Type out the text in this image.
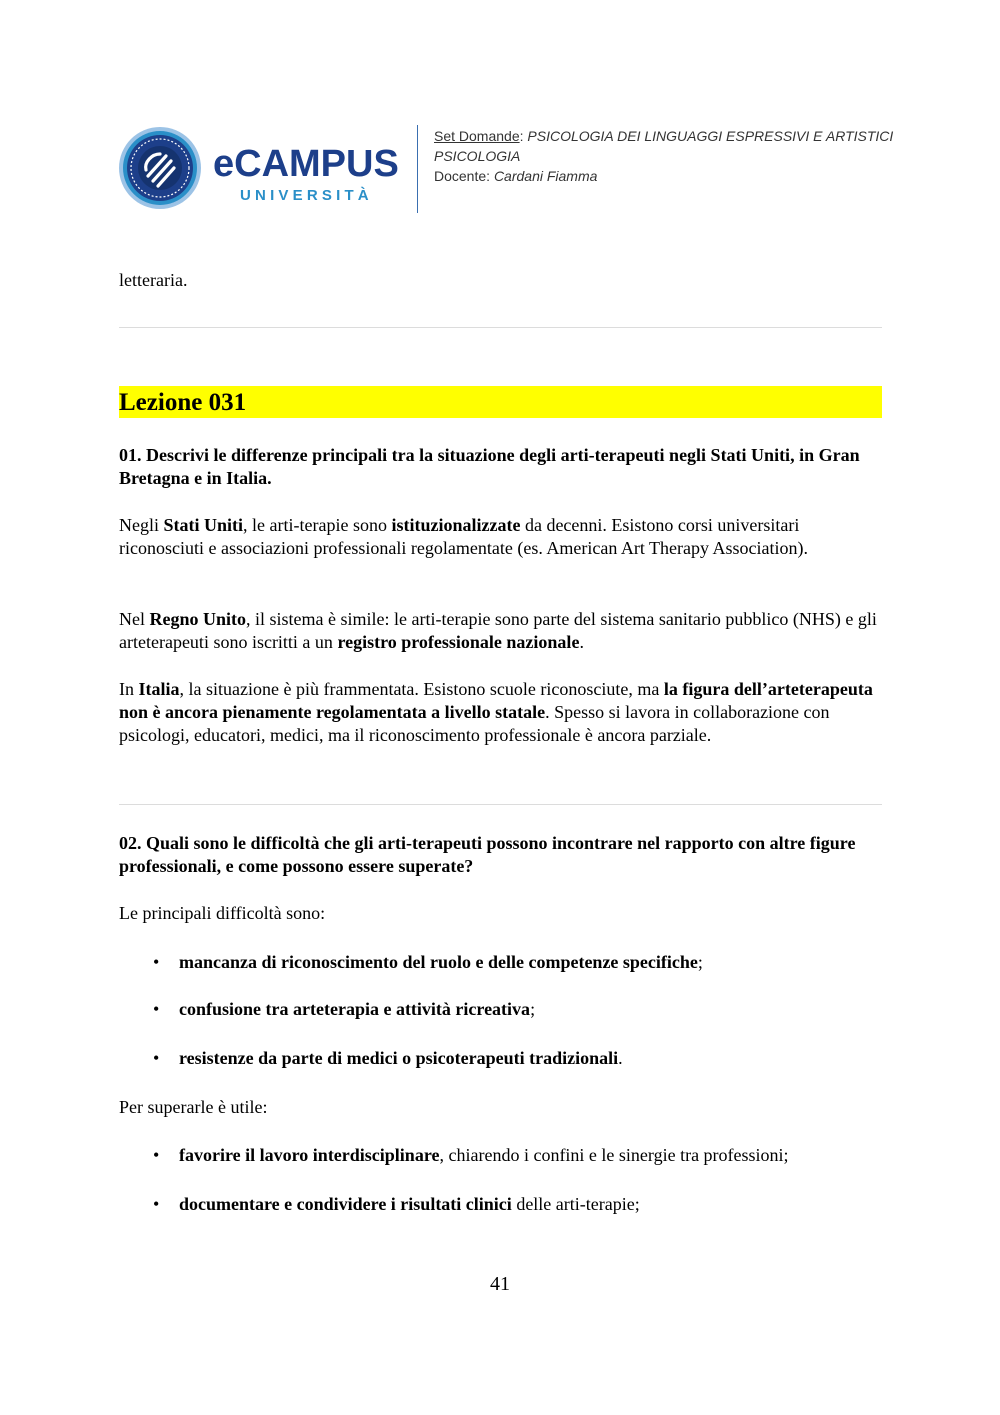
eCAMPUS
UNIVERSITÀ
Set Domande: PSICOLOGIA DEI LINGUAGGI ESPRESSIVI E ARTISTICI
PSICOLOGIA
Docente: Cardani Fiamma
letteraria.
Lezione 031
01. Descrivi le differenze principali tra la situazione degli arti-terapeuti negli Stati Uniti, in Gran Bretagna e in Italia.
Negli Stati Uniti, le arti-terapie sono istituzionalizzate da decenni. Esistono corsi universitari riconosciuti e associazioni professionali regolamentate (es. American Art Therapy Association).
Nel Regno Unito, il sistema è simile: le arti-terapie sono parte del sistema sanitario pubblico (NHS) e gli arteterapeuti sono iscritti a un registro professionale nazionale.
In Italia, la situazione è più frammentata. Esistono scuole riconosciute, ma la figura dell’arteterapeuta non è ancora pienamente regolamentata a livello statale. Spesso si lavora in collaborazione con psicologi, educatori, medici, ma il riconoscimento professionale è ancora parziale.
02. Quali sono le difficoltà che gli arti-terapeuti possono incontrare nel rapporto con altre figure professionali, e come possono essere superate?
Le principali difficoltà sono:
• mancanza di riconoscimento del ruolo e delle competenze specifiche;
• confusione tra arteterapia e attività ricreativa;
• resistenze da parte di medici o psicoterapeuti tradizionali.
Per superarle è utile:
• favorire il lavoro interdisciplinare, chiarendo i confini e le sinergie tra professioni;
• documentare e condividere i risultati clinici delle arti-terapie;
41
